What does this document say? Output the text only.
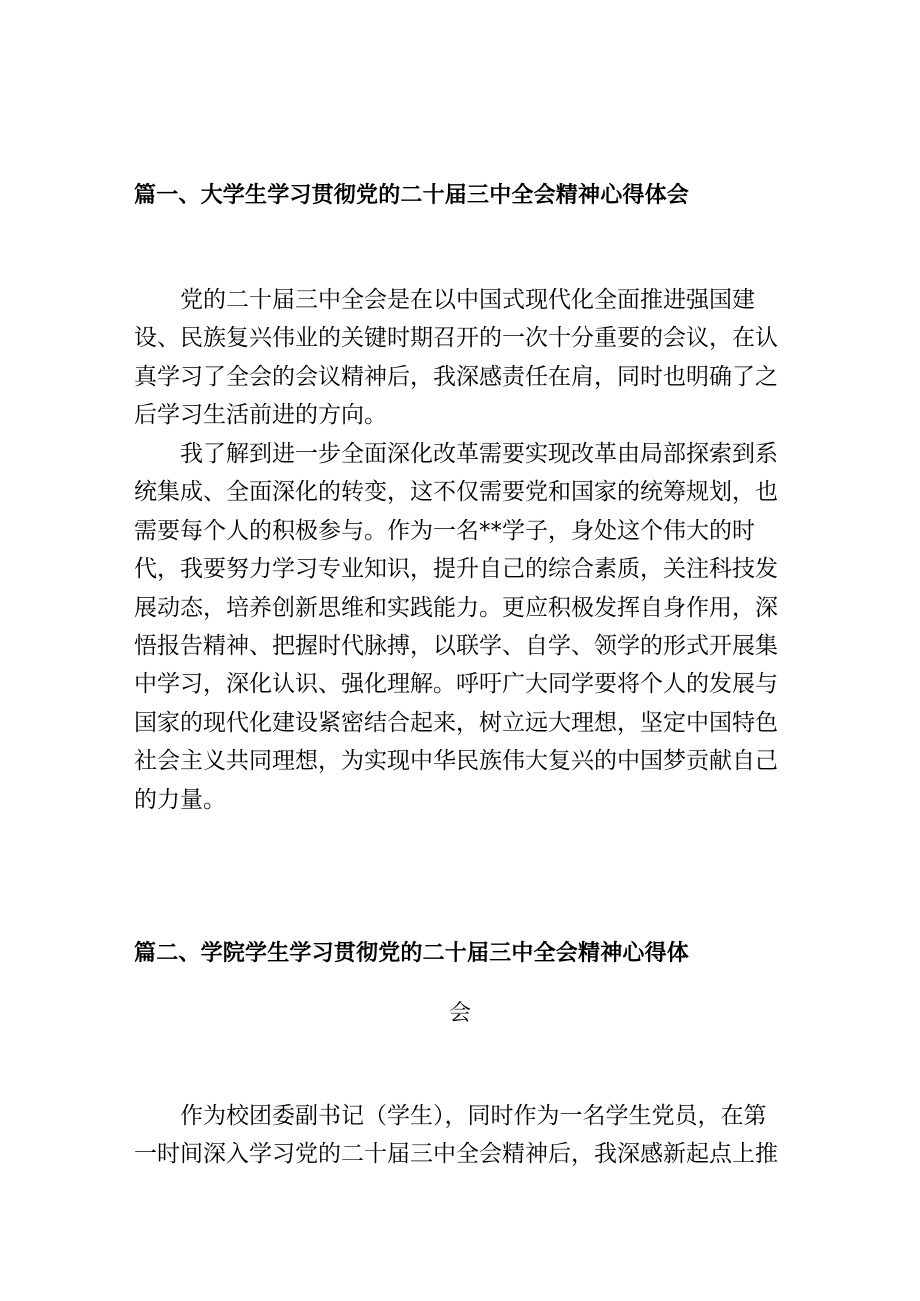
篇一、大学生学习贯彻党的二十届三中全会精神心得体会
党的二十届三中全会是在以中国式现代化全面推进强国建
设、民族复兴伟业的关键时期召开的一次十分重要的会议，在认
真学习了全会的会议精神后，我深感责任在肩，同时也明确了之
后学习生活前进的方向。
我了解到进一步全面深化改革需要实现改革由局部探索到系
统集成、全面深化的转变，这不仅需要党和国家的统筹规划，也
需要每个人的积极参与。作为一名**学子，身处这个伟大的时
代，我要努力学习专业知识，提升自己的综合素质，关注科技发
展动态，培养创新思维和实践能力。更应积极发挥自身作用，深
悟报告精神、把握时代脉搏，以联学、自学、领学的形式开展集
中学习，深化认识、强化理解。呼吁广大同学要将个人的发展与
国家的现代化建设紧密结合起来，树立远大理想，坚定中国特色
社会主义共同理想，为实现中华民族伟大复兴的中国梦贡献自己
的力量。
篇二、学院学生学习贯彻党的二十届三中全会精神心得体
会
作为校团委副书记（学生），同时作为一名学生党员，在第
一时间深入学习党的二十届三中全会精神后，我深感新起点上推
